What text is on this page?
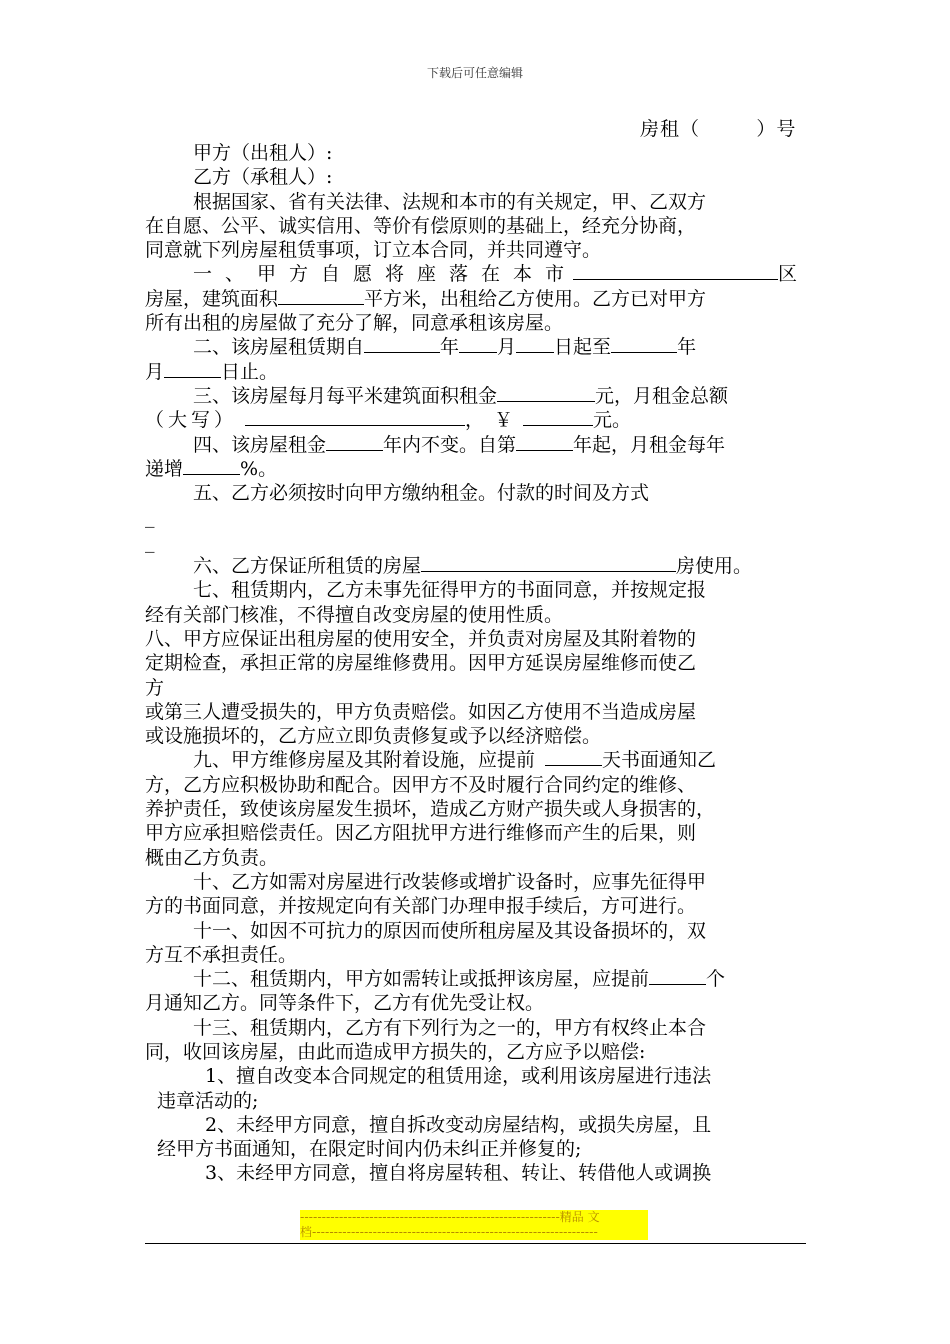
下载后可任意编辑
房租（        ）号

甲方（出租人）:

乙方（承租人）:

根据国家、省有关法律、法规和本市的有关规定，甲、乙双方

在自愿、公平、诚实信用、等价有偿原则的基础上，经充分协商，

同意就下列房屋租赁事项，订立本合同，并共同遵守。

一、甲方自愿将座落在本市	区

房屋，建筑面积	平方米，出租给乙方使用。乙方已对甲方

所有出租的房屋做了充分了解，同意承租该房屋。

二、该房屋租赁期自	年 月 日起至	年

月	日止。

三、该房屋每月每平米建筑面积租金	元，月租金总额

（大写）	，￥	元。

四、该房屋租金	年内不变。自第	年起，月租金每年

递增	%。

五、乙方必须按时向甲方缴纳租金。付款的时间及方式

_

_

六、乙方保证所租赁的房屋	房使用。

七、租赁期内，乙方未事先征得甲方的书面同意，并按规定报

经有关部门核准，不得擅自改变房屋的使用性质。

八、甲方应保证出租房屋的使用安全，并负责对房屋及其附着物的

定期检查，承担正常的房屋维修费用。因甲方延误房屋维修而使乙

方

或第三人遭受损失的，甲方负责赔偿。如因乙方使用不当造成房屋

或设施损坏的，乙方应立即负责修复或予以经济赔偿。

九、甲方维修房屋及其附着设施，应提前	天书面通知乙

方，乙方应积极协助和配合。因甲方不及时履行合同约定的维修、

养护责任，致使该房屋发生损坏，造成乙方财产损失或人身损害的，

甲方应承担赔偿责任。因乙方阻扰甲方进行维修而产生的后果，则

概由乙方负责。

十、乙方如需对房屋进行改装修或增扩设备时，应事先征得甲

方的书面同意，并按规定向有关部门办理申报手续后，方可进行。

十一、如因不可抗力的原因而使所租房屋及其设备损坏的，双

方互不承担责任。

十二、租赁期内，甲方如需转让或抵押该房屋，应提前	个

月通知乙方。同等条件下，乙方有优先受让权。

十三、租赁期内，乙方有下列行为之一的，甲方有权终止本合

同，收回该房屋，由此而造成甲方损失的，乙方应予以赔偿:

1、擅自改变本合同规定的租赁用途，或利用该房屋进行违法

违章活动的;

2、未经甲方同意，擅自拆改变动房屋结构，或损失房屋，且

经甲方书面通知，在限定时间内仍未纠正并修复的;

3、未经甲方同意，擅自将房屋转租、转让、转借他人或调换

------------------------------------------------------------精品 文
档------------------------------------------------------------------
